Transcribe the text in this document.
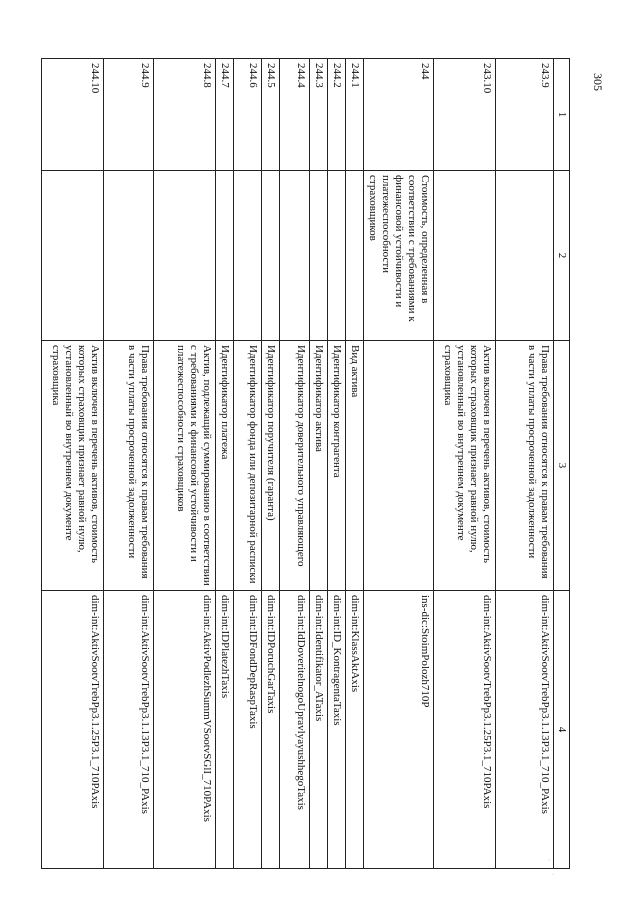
305
1	2	3	4
243.9		Права требования относятся к правам требования в части уплаты просроченной задолженности	dim-int:AktivSootvTrebPp3.1.13P3.1_710_PAxis
243.10		Актив включен в перечень активов, стоимость которых страховщик признает равной нулю, установленный во внутреннем документе страховщика	dim-int:AktivSootvTrebPp3.1.25P3.1_710PAxis
244	Стоимость, определенная в соответствии с требованиями к финансовой устойчивости и платежеспособности страховщиков		ins-dic:StoimPolozh710P
244.1		Вид актива	dim-int:KlassAktAxis
244.2		Идентификатор контрагента	dim-int:ID_KontragentaTaxis
244.3		Идентификатор актива	dim-int:Identifikator_ATaxis
244.4		Идентификатор доверительного управляющего	dim-int:IdDoveritelnogoUpravlyayushhegoTaxis
244.5		Идентификатор поручителя (гаранта)	dim-int:IDPoruchGarTaxis
244.6		Идентификатор фонда или депозитарной расписки	dim-int:IDFondDepRaspTaxis
244.7		Идентификатор платежа	dim-int:IDPlatezhTaxis
244.8		Актив, подлежащий суммированию в соответствии с требованиями к финансовой устойчивости и платежеспособности страховщиков	dim-int:AktivPodlezhSummVSootvSGlI_710PAxis
244.9		Права требования относятся к правам требования в части уплаты просроченной задолженности	dim-int:AktivSootvTrebPp3.1.13P3.1_710_PAxis
244.10		Актив включен в перечень активов, стоимость которых страховщик признает равной нулю, установленный во внутреннем документе страховщика	dim-int:AktivSootvTrebPp3.1.25P3.1_710PAxis
·
·
